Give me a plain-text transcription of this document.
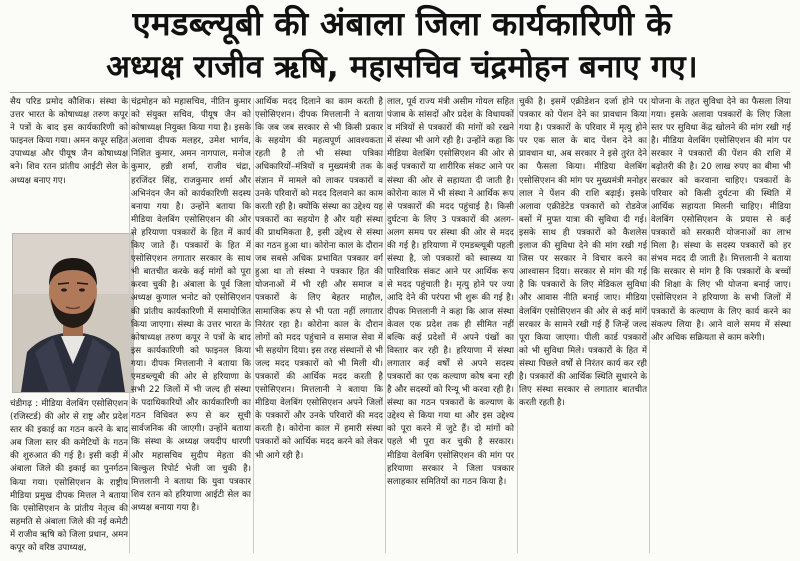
एमडब्ल्यूबी की अंबाला जिला कार्यकारिणी के
अध्यक्ष राजीव ऋषि, महासचिव चंद्रमोहन बनाए गए।

सैय परिड प्रमोद कौशिक। संस्था के उत्तर भारत के कोषाध्यक्ष तरुण कपूर ने पत्रों के बाद इस कार्यकारिणी को फाइनल किया गया। अमन कपूर सहित उपाध्यक्ष और पीयूष जैन कोषाध्यक्ष बने। शिव रतन प्रांतीय आईटी सेल के अध्यक्ष बनाए गए।

चंडीगढ़ : मीडिया वेलबिंग एसोसिएशन (रजिस्टर्ड) की ओर से राष्ट्र और प्रदेश स्तर की इकाई का गठन करने के बाद अब जिला स्तर की कमेटियों के गठन की शुरुआत की गई है। इसी कड़ी में अंबाला जिले की इकाई का पुनर्गठन किया गया। एसोसिएशन के राष्ट्रीय मीडिया प्रमुख दीपक मित्तल ने बताया कि एसोसिएशन के प्रांतीय नेतृत्व की सहमति से अंबाला जिले की नई कमेटी में राजीव ऋषि को जिला प्रधान, अमन कपूर को वरिष्ठ उपाध्यक्ष,

चंद्रमोहन को महासचिव, नीतिन कुमार को संयुक्त सचिव, पीयूष जैन को कोषाध्यक्ष नियुक्त किया गया है। इसके अलावा दीपक मलहर, उमेश भार्गव, निशित कुमार, अमन नागपाल, मनोज कुमार, हन्नी शर्मा, राजीव चंद्रा, हरजिंदर सिंह, राजकुमार शर्मा और अभिनंदन जैन को कार्यकारिणी सदस्य बनाया गया है। उन्होंने बताया कि मीडिया वेलबिंग एसोसिएशन की ओर से हरियाणा पत्रकारों के हित में कार्य किए जाते हैं। पत्रकारों के हित में एसोसिएशन लगातार सरकार के साथ भी बातचीत करके कई मांगों को पूरा करवा चुकी है। अंबाला के पूर्व जिला अध्यक्ष कुणाल भनोट को एसोसिएशन की प्रांतीय कार्यकारिणी में समायोजित किया जाएगा। संस्था के उत्तर भारत के कोषाध्यक्ष तरुण कपूर ने पत्रों के बाद इस कार्यकारिणी को फाइनल किया गया। दीपक मित्तलानी ने बताया कि एमडब्ल्यूबी की ओर से हरियाणा के सभी 22 जिलों में भी जल्द ही संस्था के पदाधिकारियों और कार्यकारिणी का गठन विधिवत रूप से कर सूची सार्वजनिक की जाएगी। उन्होंने बताया कि संस्था के अध्यक्ष जयदीप धारणी और महासचिव सुदीप मेहता की बिल्कुल रिपोर्ट भेजी जा चुकी है। मित्तलानी ने बताया कि युवा पत्रकार शिव रतन को हरियाणा आईटी सेल का अध्यक्ष बनाया गया है।

आर्थिक मदद दिलाने का काम करती है एसोसिएशन। दीपक मित्तलानी ने बताया कि जब जब सरकार से भी किसी प्रकार के सहयोग की महत्वपूर्ण आवश्यकता रहती है तो भी संस्था पत्रिका अधिकारियों–मंत्रियों व मुख्यमंत्री तक के संज्ञान में मामले को लाकर पत्रकारों व उनके परिवारों को मदद दिलवाने का काम करती रही है। क्योंकि संस्था का उद्देश्य यह पत्रकारों का सहयोग है और यही संस्था की प्राथमिकता है, इसी उद्देश्य से संस्था का गठन हुआ था। कोरोना काल के दौरान जब सबसे अधिक प्रभावित पत्रकार वर्ग हुआ था तो संस्था ने पत्रकार हित की योजनाओं में भी रही और समाज व पत्रकारों के लिए बेहतर माहौल, सामाजिक रूप से भी पता नहीं लगातार निरंतर रहा है। कोरोना काल के दौरान लोगों को मदद पहुंचाने व समाज सेवा में भी सहयोग दिया। इस तरह संस्थानों से भी जल्द मदद पत्रकारों को भी मिली थी। पत्रकारों की आर्थिक मदद करती है एसोसिएशन। मित्तलानी ने बताया कि मीडिया वेलबिंग एसोसिएशन अपने जिलों के पत्रकारों और उनके परिवारों की मदद करती है। कोरोना काल में हमारी संस्था पत्रकारों को आर्थिक मदद करने को लेकर भी आगे रही है।

लाल, पूर्व राज्य मंत्री असीम गोयल सहित पंजाब के सांसदों और प्रदेश के विधायकों व मंत्रियों से पत्रकारों की मांगों को रखने में संस्था भी आगे रही है। उन्होंने कहा कि मीडिया वेलबिंग एसोसिएशन की ओर से कई पत्रकारों या शारीरिक संकट आने पर संस्था की ओर से सहायता दी जाती है। कोरोना काल में भी संस्था ने आर्थिक रूप से पत्रकारों की मदद पहुंचाई है। किसी दुर्घटना के लिए 3 पत्रकारों की अलग-अलग समय पर संस्था की ओर से मदद की गई है। हरियाणा में एमडब्ल्यूबी पहली संस्था है, जो पत्रकारों को स्वास्थ्य या पारिवारिक संकट आने पर आर्थिक रूप से मदद पहुंचाती है। मृत्यु होने पर ज्या आदि देने की परंपरा भी शुरू की गई है। दीपक मित्तलानी ने कहा कि आज संस्था केवल एक प्रदेश तक ही सीमित नहीं बल्कि कई प्रदेशों में अपने पंखों का विस्तार कर रही है। हरियाणा में संस्था लगातार कई वर्षों से अपने सदस्य पत्रकारों का एक कल्याण कोष बना रही है और सदस्यों को रिन्यू भी करवा रही है। संस्था का गठन पत्रकारों के कल्याण के उद्देश्य से किया गया था और इस उद्देश्य को पूरा करने में जुटे हैं। दो मांगों को पहले भी पूरा कर चुकी है सरकार। मीडिया वेलबिंग एसोसिएशन की मांग पर हरियाणा सरकार ने जिला पत्रकार सलाहकार समितियों का गठन किया है।

चुकी है। इसमें एक्रीडेशन दर्जा होने पर पत्रकार को पेंशन देने का प्रावधान किया गया है। पत्रकारों के परिवार में मृत्यु होने पर एक साल के बाद पेंशन देने का प्रावधान था, अब सरकार ने इसे तुरंत देने का फैसला किया। मीडिया वेलबिंग एसोसिएशन की मांग पर मुख्यमंत्री मनोहर लाल ने पेंशन की राशि बढ़ाई। इसके अलावा एक्रीडेटेड पत्रकारों को रोडवेज बसों में मुफ्त यात्रा की सुविधा दी गई। इसके साथ ही पत्रकारों को कैशलेस इलाज की सुविधा देने की मांग रखी गई जिस पर सरकार ने विचार करने का आश्वासन दिया। सरकार से मांग की गई है कि पत्रकारों के लिए मेडिकल सुविधा और आवास नीति बनाई जाए। मीडिया वेलबिंग एसोसिएशन की ओर से कई मांगें सरकार के सामने रखी गई हैं जिन्हें जल्द पूरा किया जाएगा। पीली कार्ड पत्रकारों को भी सुविधा मिले। पत्रकारों के हित में संस्था पिछले वर्षों से निरंतर कार्य कर रही है। पत्रकारों की आर्थिक स्थिति सुधारने के लिए संस्था सरकार से लगातार बातचीत करती रहती है।

योजना के तहत सुविधा देने का फैसला लिया गया। इसके अलावा पत्रकारों के लिए जिला स्तर पर सुविधा केंद्र खोलने की मांग रखी गई है। मीडिया वेलबिंग एसोसिएशन की मांग पर सरकार ने पत्रकारों की पेंशन की राशि में बढ़ोतरी की है। 20 लाख रुपए का बीमा भी सरकार को करवाना चाहिए। पत्रकारों के परिवार को किसी दुर्घटना की स्थिति में आर्थिक सहायता मिलनी चाहिए। मीडिया वेलबिंग एसोसिएशन के प्रयास से कई पत्रकारों को सरकारी योजनाओं का लाभ मिला है। संस्था के सदस्य पत्रकारों को हर संभव मदद दी जाती है। मित्तलानी ने बताया कि सरकार से मांग है कि पत्रकारों के बच्चों की शिक्षा के लिए भी योजना बनाई जाए। एसोसिएशन ने हरियाणा के सभी जिलों में पत्रकारों के कल्याण के लिए कार्य करने का संकल्प लिया है। आने वाले समय में संस्था और अधिक सक्रियता से काम करेगी।
